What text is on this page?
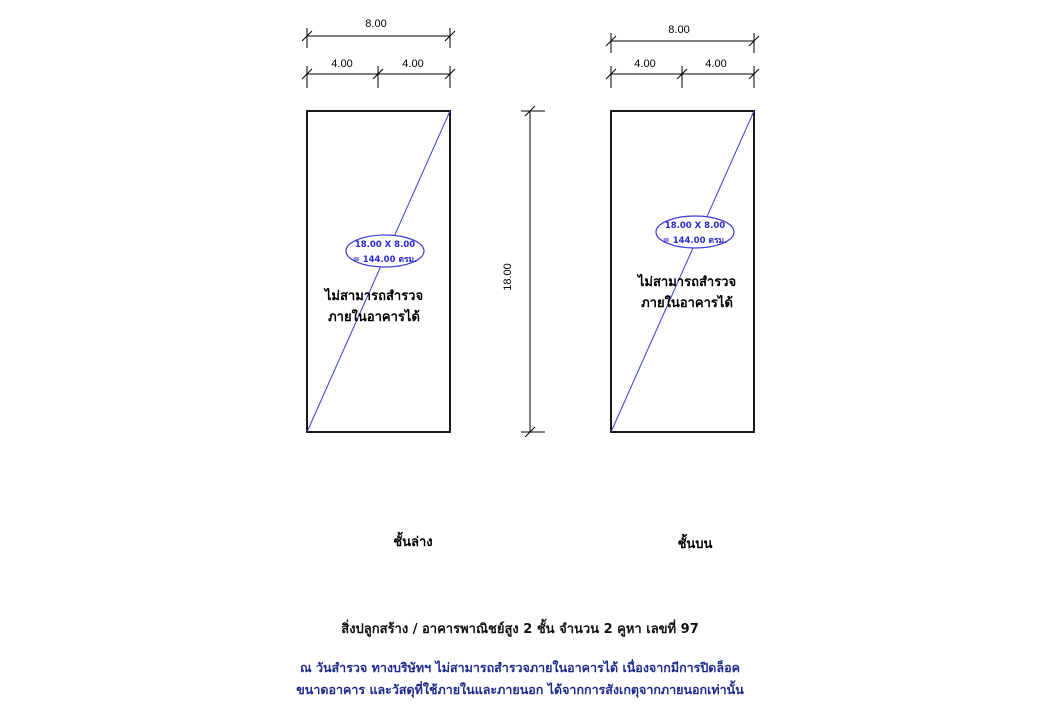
8.00
4.00	4.00
18.00 X 8.00
= 144.00 ตรม.
ไม่สามารถสำรวจ
ภายในอาคารได้
18.00
8.00
4.00	4.00
18.00 X 8.00
= 144.00 ตรม.
ไม่สามารถสำรวจ
ภายในอาคารได้
ชั้นล่าง	ชั้นบน

สิ่งปลูกสร้าง / อาคารพาณิชย์สูง 2 ชั้น จำนวน 2 คูหา เลขที่ 97

ณ วันสำรวจ ทางบริษัทฯ ไม่สามารถสำรวจภายในอาคารได้ เนื่องจากมีการปิดล็อค

ขนาดอาคาร และวัสดุที่ใช้ภายในและภายนอก ได้จากการสังเกตุจากภายนอกเท่านั้น
